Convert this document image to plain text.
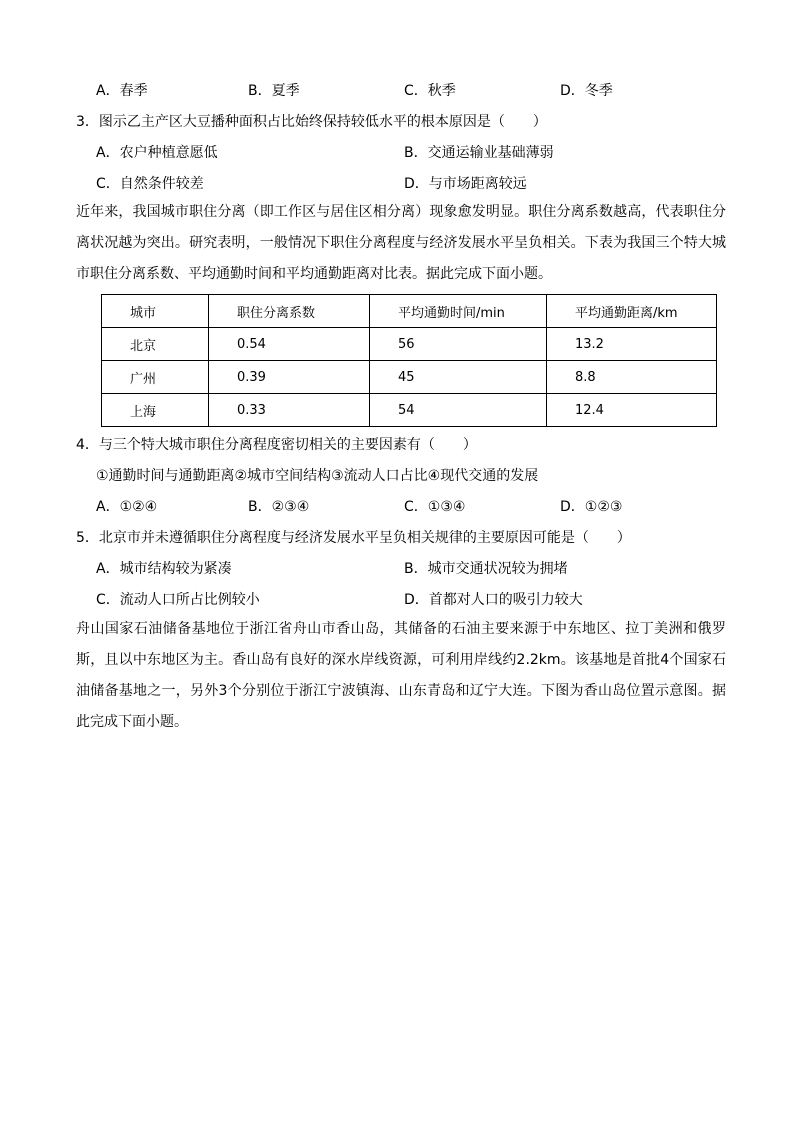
A．春季	B．夏季	C．秋季	D．冬季
3．图示乙主产区大豆播种面积占比始终保持较低水平的根本原因是（　　）
A．农户种植意愿低	B．交通运输业基础薄弱
C．自然条件较差	D．与市场距离较远

近年来，我国城市职住分离（即工作区与居住区相分离）现象愈发明显。职住分离系数越高，代表职住分离状况越为突出。研究表明，一般情况下职住分离程度与经济发展水平呈负相关。下表为我国三个特大城市职住分离系数、平均通勤时间和平均通勤距离对比表。据此完成下面小题。

城市	职住分离系数	平均通勤时间/min	平均通勤距离/km
北京	0.54	56	13.2
广州	0.39	45	8.8
上海	0.33	54	12.4
4．与三个特大城市职住分离程度密切相关的主要因素有（　　）
①通勤时间与通勤距离②城市空间结构③流动人口占比④现代交通的发展
A．①②④	B．②③④	C．①③④	D．①②③
5．北京市并未遵循职住分离程度与经济发展水平呈负相关规律的主要原因可能是（　　）
A．城市结构较为紧凑	B．城市交通状况较为拥堵
C．流动人口所占比例较小	D．首都对人口的吸引力较大

舟山国家石油储备基地位于浙江省舟山市香山岛，其储备的石油主要来源于中东地区、拉丁美洲和俄罗斯，且以中东地区为主。香山岛有良好的深水岸线资源，可利用岸线约2.2km。该基地是首批4个国家石油储备基地之一，另外3个分别位于浙江宁波镇海、山东青岛和辽宁大连。下图为香山岛位置示意图。据此完成下面小题。
